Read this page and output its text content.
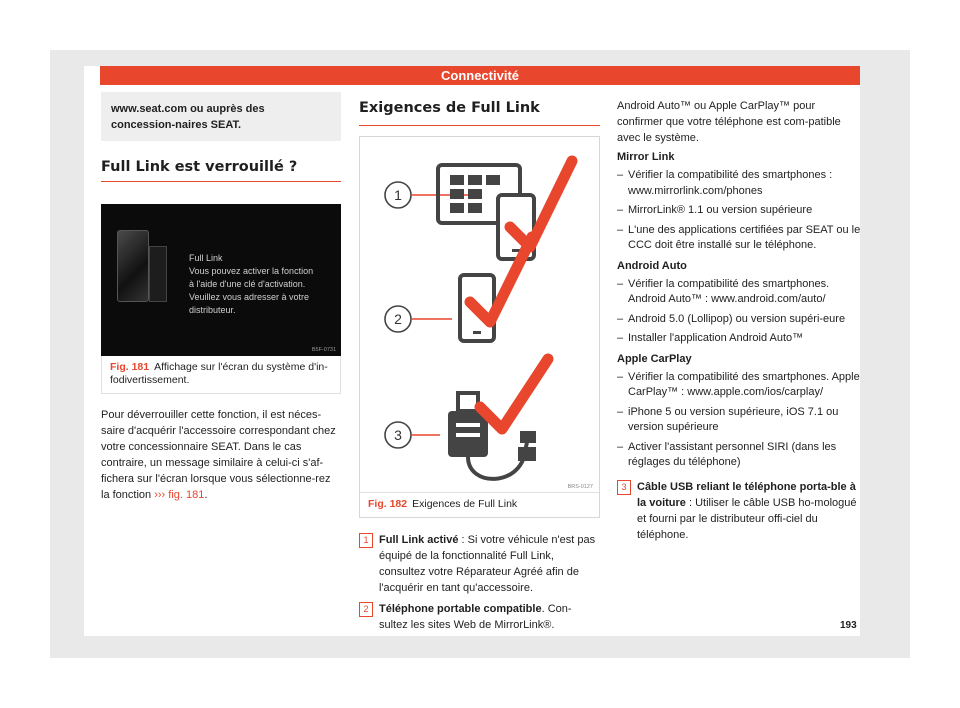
Connectivité
www.seat.com ou auprès des concession-naires SEAT.
Full Link est verrouillé ?
Full Link
Vous pouvez activer la fonction
à l'aide d'une clé d'activation.
Veuillez vous adresser à votre
distributeur.
B5F-0731
Fig. 181 Affichage sur l'écran du système d'in-fodivertissement.
Pour déverrouiller cette fonction, il est néces-saire d'acquérir l'accessoire correspondant chez votre concessionnaire SEAT. Dans le cas contraire, un message similaire à celui-ci s'af-fichera sur l'écran lorsque vous sélectionne-rez la fonction ››› fig. 181.
Exigences de Full Link
1
2
3
BRS-0127
Fig. 182 Exigences de Full Link
1 Full Link activé : Si votre véhicule n'est pas équipé de la fonctionnalité Full Link, consultez votre Réparateur Agréé afin de l'acquérir en tant qu'accessoire.
2 Téléphone portable compatible. Con-sultez les sites Web de MirrorLink®.
Android Auto™ ou Apple CarPlay™ pour confirmer que votre téléphone est com-patible avec le système.
Mirror Link
– Vérifier la compatibilité des smartphones : www.mirrorlink.com/phones
– MirrorLink® 1.1 ou version supérieure
– L'une des applications certifiées par SEAT ou le CCC doit être installé sur le téléphone.
Android Auto
– Vérifier la compatibilité des smartphones. Android Auto™ : www.android.com/auto/
– Android 5.0 (Lollipop) ou version supéri-eure
– Installer l'application Android Auto™
Apple CarPlay
– Vérifier la compatibilité des smartphones. Apple CarPlay™ : www.apple.com/ios/carplay/
– iPhone 5 ou version supérieure, iOS 7.1 ou version supérieure
– Activer l'assistant personnel SIRI (dans les réglages du téléphone)
3 Câble USB reliant le téléphone porta-ble à la voiture : Utiliser le câble USB ho-mologué et fourni par le distributeur offi-ciel du téléphone.
193
